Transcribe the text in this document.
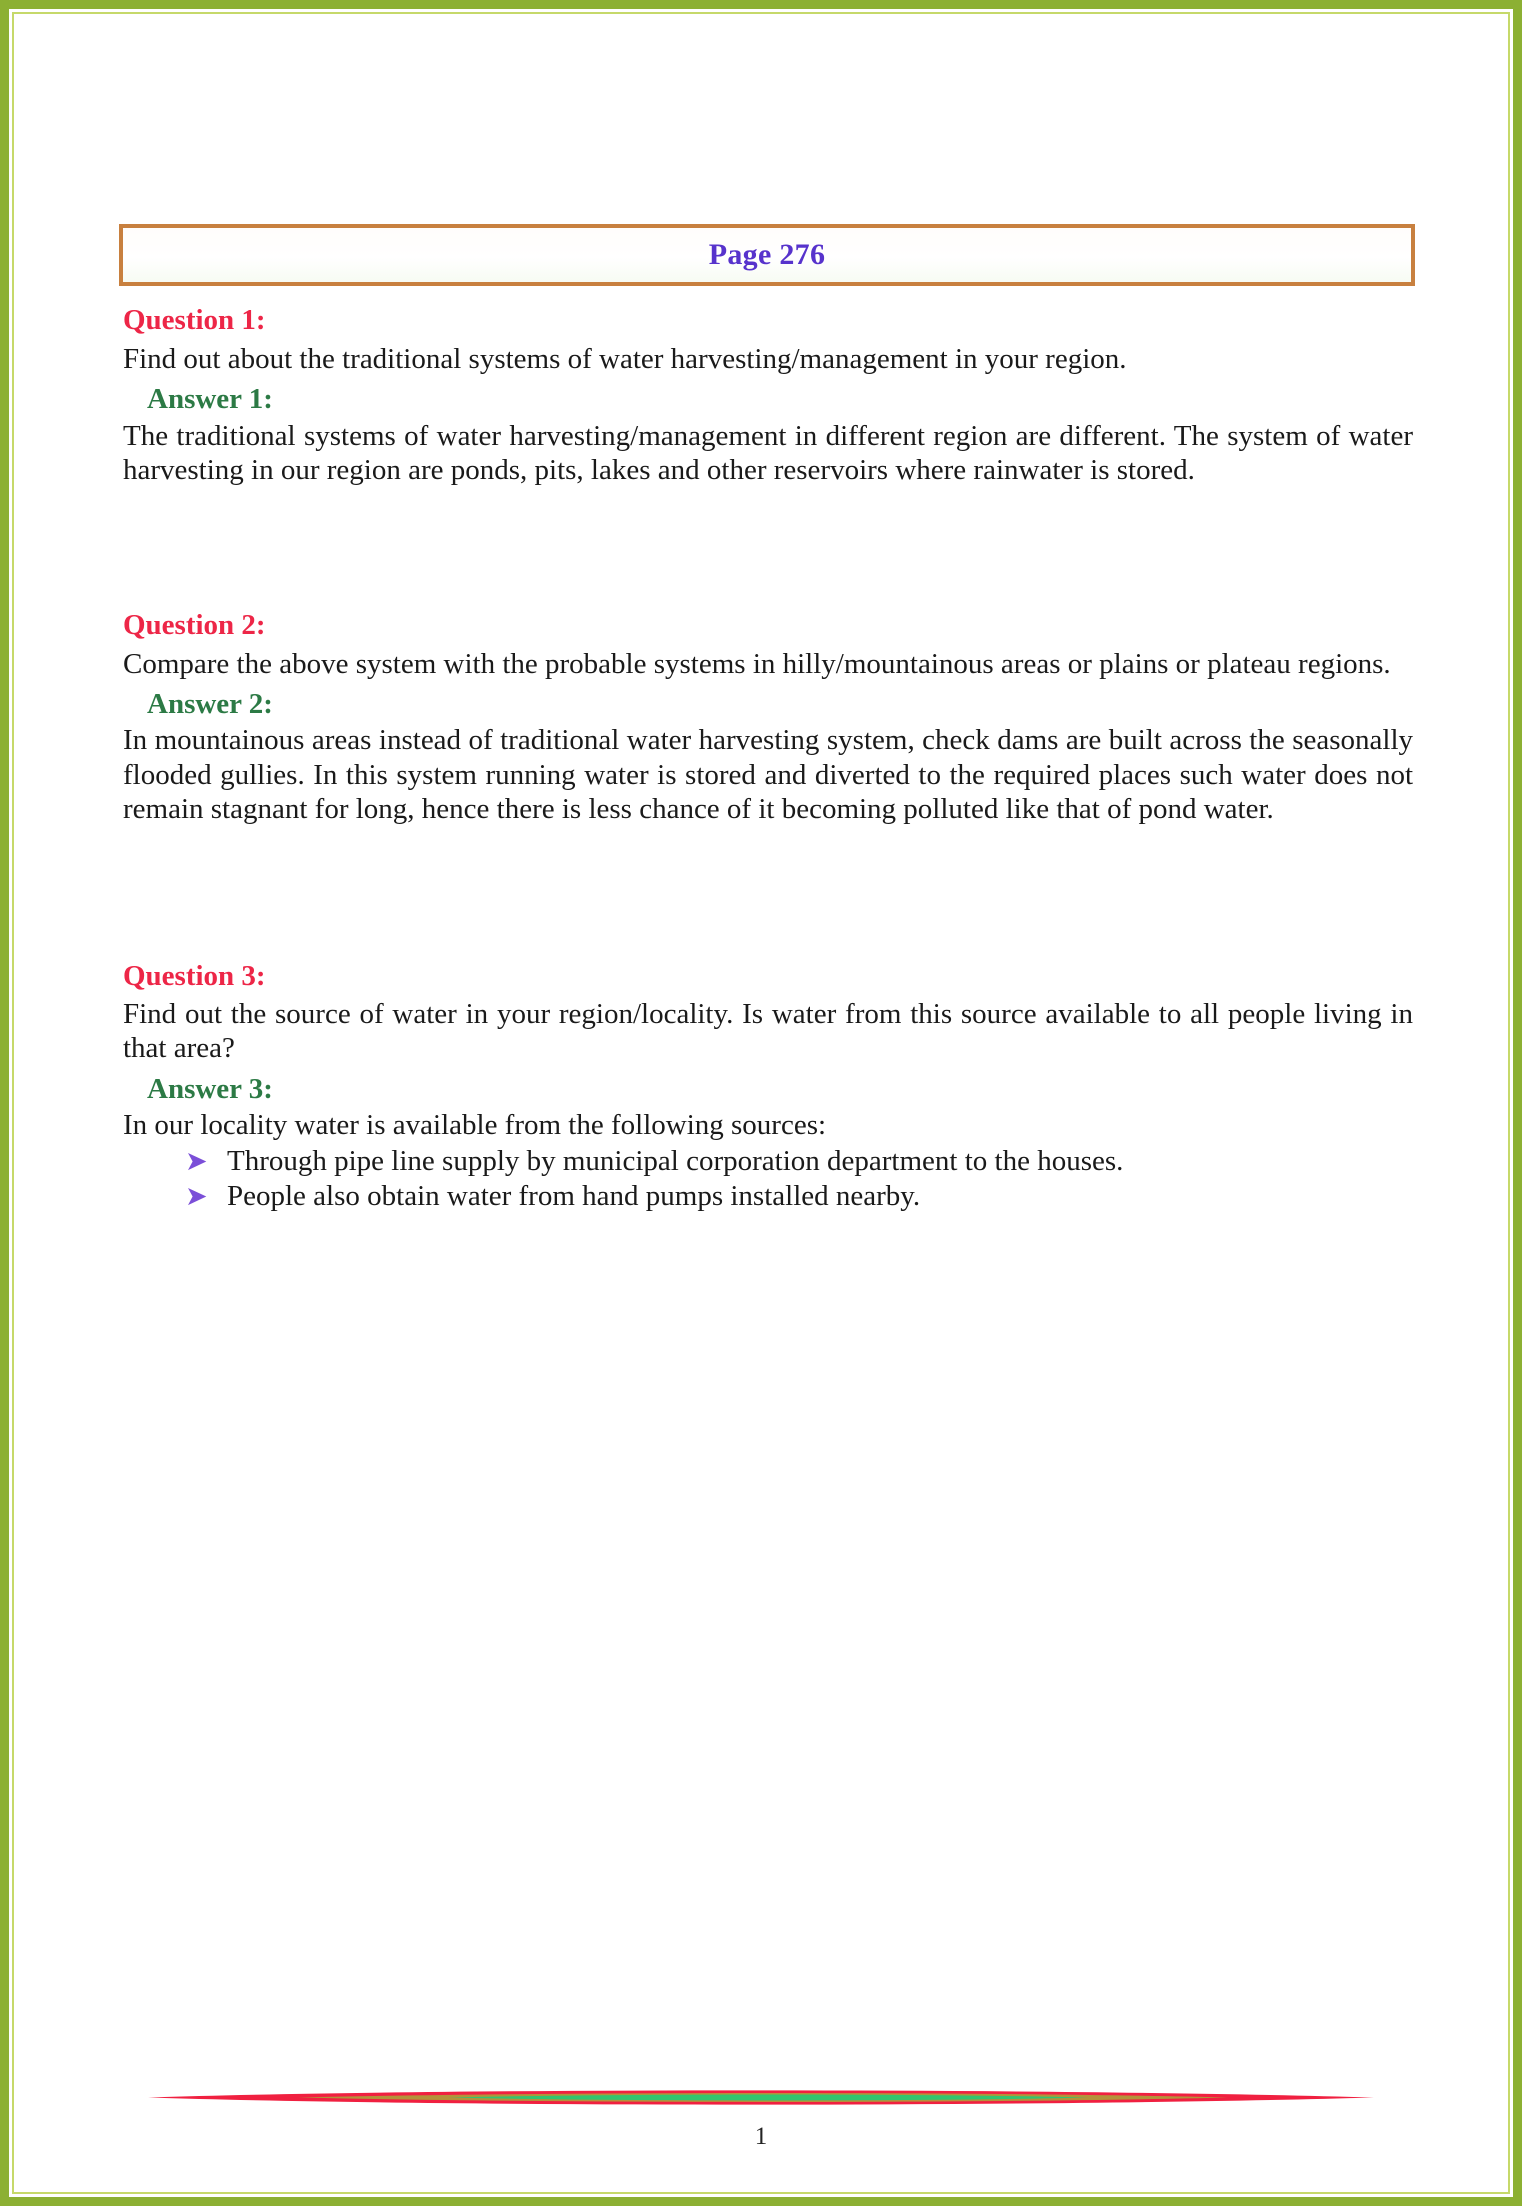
Page 276
Question 1:

Find out about the traditional systems of water harvesting/management in your region.

Answer 1:

The traditional systems of water harvesting/management in different region are different. The system of water harvesting in our region are ponds, pits, lakes and other reservoirs where rainwater is stored.

Question 2:

Compare the above system with the probable systems in hilly/mountainous areas or plains or plateau regions.

Answer 2:

In mountainous areas instead of traditional water harvesting system, check dams are built across the seasonally flooded gullies. In this system running water is stored and diverted to the required places such water does not remain stagnant for long, hence there is less chance of it becoming polluted like that of pond water.

Question 3:

Find out the source of water in your region/locality. Is water from this source available to all people living in that area?

Answer 3:

In our locality water is available from the following sources:

➤ Through pipe line supply by municipal corporation department to the houses.
➤ People also obtain water from hand pumps installed nearby.
1
